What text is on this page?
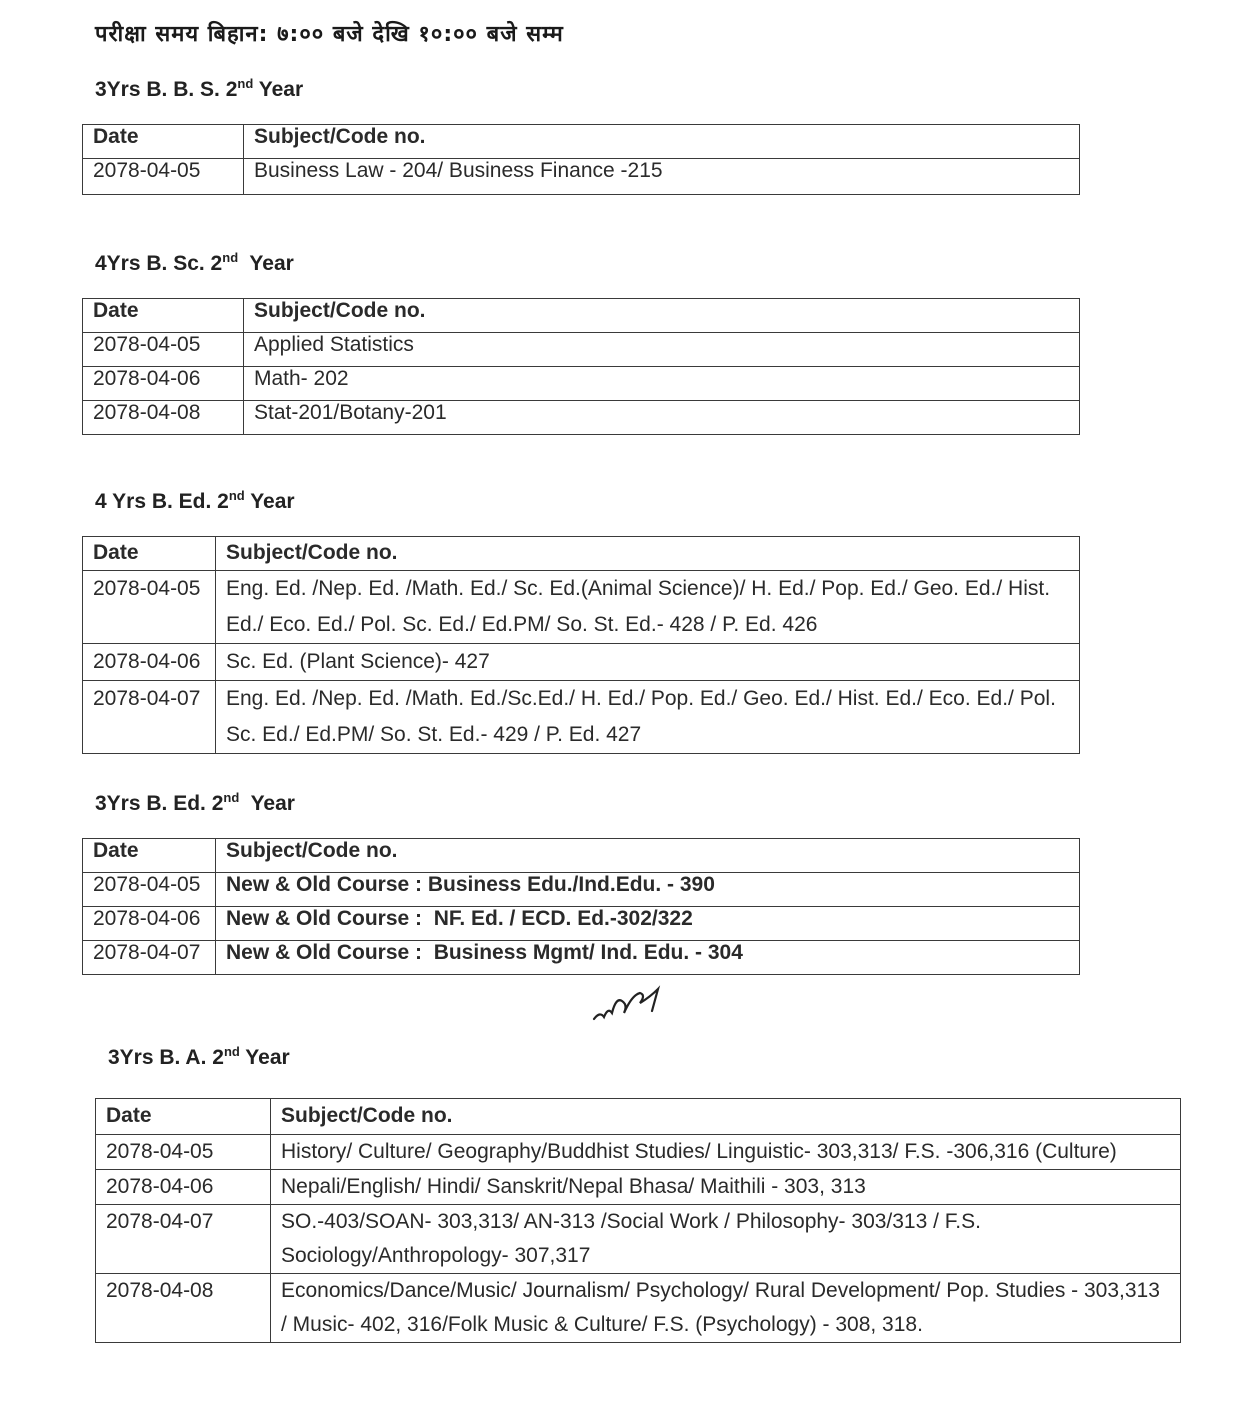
परीक्षा समय बिहान: ७:०० बजे देखि १०:०० बजे सम्म
3Yrs B. B. S. 2nd Year
Date	Subject/Code no.
2078-04-05	Business Law - 204/ Business Finance -215
4Yrs B. Sc. 2nd  Year
Date	Subject/Code no.
2078-04-05	Applied Statistics
2078-04-06	Math- 202
2078-04-08	Stat-201/Botany-201
4 Yrs B. Ed. 2nd Year
Date	Subject/Code no.
2078-04-05	Eng. Ed. /Nep. Ed. /Math. Ed./ Sc. Ed.(Animal Science)/ H. Ed./ Pop. Ed./ Geo. Ed./ Hist. Ed./ Eco. Ed./ Pol. Sc. Ed./ Ed.PM/ So. St. Ed.- 428 / P. Ed. 426
2078-04-06	Sc. Ed. (Plant Science)- 427
2078-04-07	Eng. Ed. /Nep. Ed. /Math. Ed./Sc.Ed./ H. Ed./ Pop. Ed./ Geo. Ed./ Hist. Ed./ Eco. Ed./ Pol. Sc. Ed./ Ed.PM/ So. St. Ed.- 429 / P. Ed. 427
3Yrs B. Ed. 2nd  Year
Date	Subject/Code no.
2078-04-05	New & Old Course : Business Edu./Ind.Edu. - 390
2078-04-06	New & Old Course :  NF. Ed. / ECD. Ed.-302/322
2078-04-07	New & Old Course :  Business Mgmt/ Ind. Edu. - 304
3Yrs B. A. 2nd Year
Date	Subject/Code no.
2078-04-05	History/ Culture/ Geography/Buddhist Studies/ Linguistic- 303,313/ F.S. -306,316 (Culture)
2078-04-06	Nepali/English/ Hindi/ Sanskrit/Nepal Bhasa/ Maithili - 303, 313
2078-04-07	SO.-403/SOAN- 303,313/ AN-313 /Social Work / Philosophy- 303/313 / F.S. Sociology/Anthropology- 307,317
2078-04-08	Economics/Dance/Music/ Journalism/ Psychology/ Rural Development/ Pop. Studies - 303,313 / Music- 402, 316/Folk Music & Culture/ F.S. (Psychology) - 308, 318.
